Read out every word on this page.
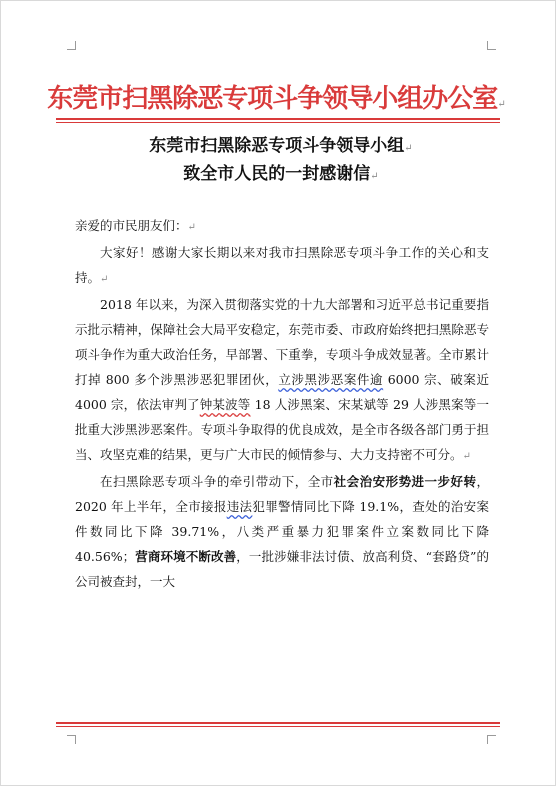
东莞市扫黑除恶专项斗争领导小组办公室↵
东莞市扫黑除恶专项斗争领导小组↵
致全市人民的一封感谢信↵

亲爱的市民朋友们：↵

大家好！感谢大家长期以来对我市扫黑除恶专项斗争工作的关心和支持。↵

2018 年以来，为深入贯彻落实党的十九大部署和习近平总书记重要指示批示精神，保障社会大局平安稳定，东莞市委、市政府始终把扫黑除恶专项斗争作为重大政治任务，早部署、下重拳，专项斗争成效显著。全市累计打掉 800 多个涉黑涉恶犯罪团伙，立涉黑涉恶案件逾 6000 宗、破案近 4000 宗，依法审判了钟某波等 18 人涉黑案、宋某斌等 29 人涉黑案等一批重大涉黑涉恶案件。专项斗争取得的优良成效，是全市各级各部门勇于担当、攻坚克难的结果，更与广大市民的倾情参与、大力支持密不可分。↵

在扫黑除恶专项斗争的牵引带动下，全市社会治安形势进一步好转，2020 年上半年，全市接报违法犯罪警情同比下降 19.1%，查处的治安案件数同比下降 39.71%，八类严重暴力犯罪案件立案数同比下降 40.56%；营商环境不断改善，一批涉嫌非法讨债、放高利贷、“套路贷”的公司被查封，一大
